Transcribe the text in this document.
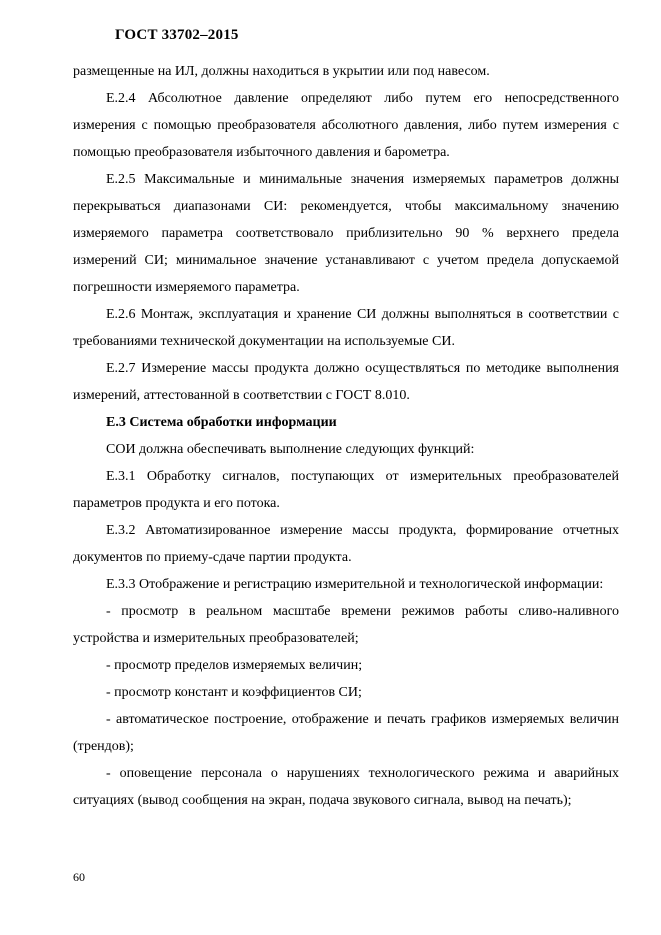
ГОСТ 33702–2015

размещенные на ИЛ, должны находиться в укрытии или под навесом.

Е.2.4 Абсолютное давление определяют либо путем его непосредственного измерения с помощью преобразователя абсолютного давления, либо путем измерения с помощью преобразователя избыточного давления и барометра.

Е.2.5 Максимальные и минимальные значения измеряемых параметров должны перекрываться диапазонами СИ: рекомендуется, чтобы максимальному значению измеряемого параметра соответствовало приблизительно 90 % верхнего предела измерений СИ; минимальное значение устанавливают с учетом предела допускаемой погрешности измеряемого параметра.

Е.2.6 Монтаж, эксплуатация и хранение СИ должны выполняться в соответствии с требованиями технической документации на используемые СИ.

Е.2.7 Измерение массы продукта должно осуществляться по методике выполнения измерений, аттестованной в соответствии с ГОСТ 8.010.

Е.3 Система обработки информации

СОИ должна обеспечивать выполнение следующих функций:

Е.3.1 Обработку сигналов, поступающих от измерительных преобразователей параметров продукта и его потока.

Е.3.2 Автоматизированное измерение массы продукта, формирование отчетных документов по приему-сдаче партии продукта.

Е.3.3 Отображение и регистрацию измерительной и технологической информации:

- просмотр в реальном масштабе времени режимов работы сливо-наливного устройства и измерительных преобразователей;

- просмотр пределов измеряемых величин;

- просмотр констант и коэффициентов СИ;

- автоматическое построение, отображение и печать графиков измеряемых величин (трендов);

- оповещение персонала о нарушениях технологического режима и аварийных ситуациях (вывод сообщения на экран, подача звукового сигнала, вывод на печать);

60
